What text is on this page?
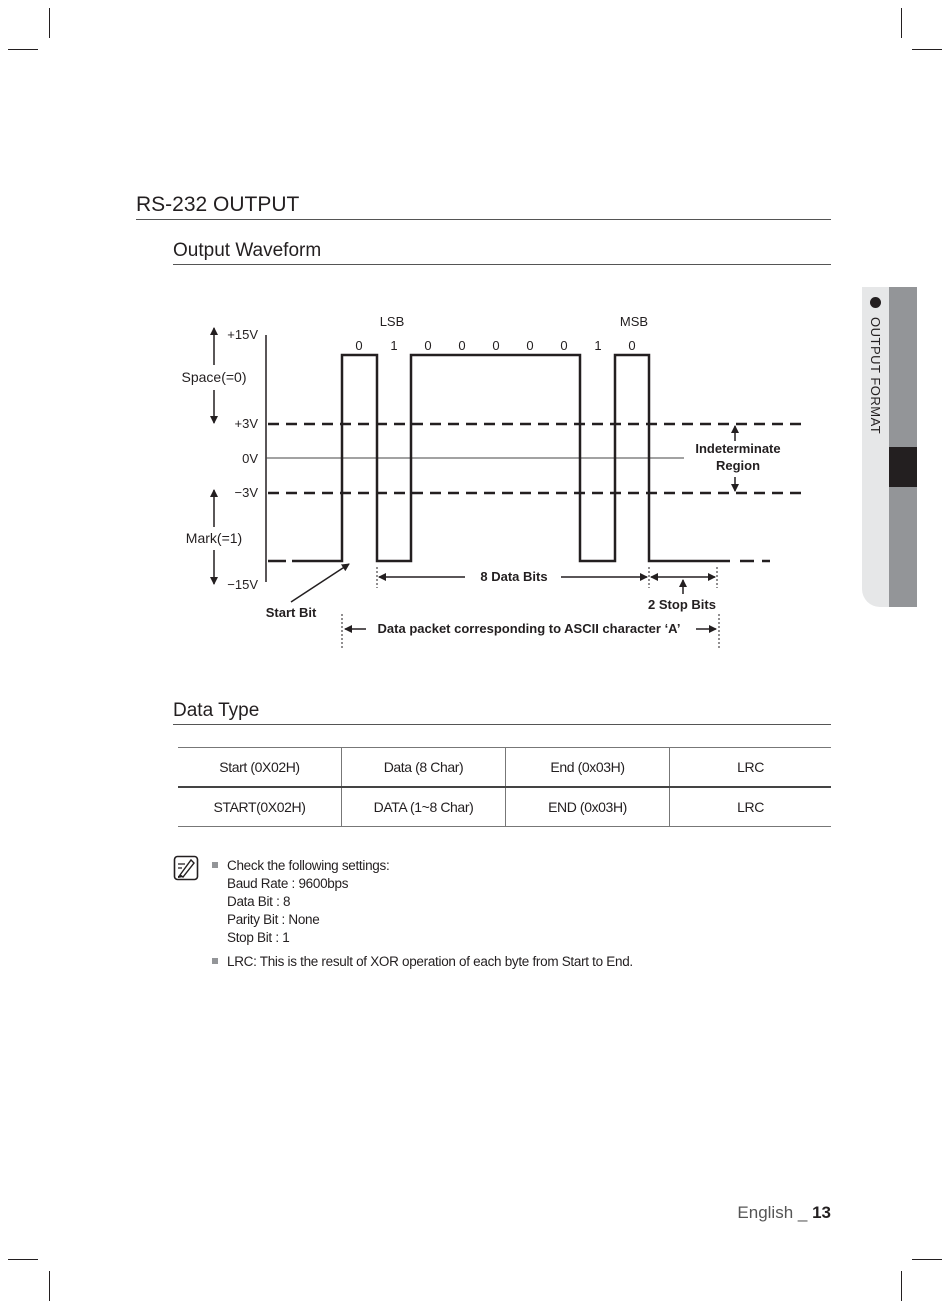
RS-232 OUTPUT
Output Waveform
OUTPUT FORMAT
+15V
+3V
0V
−3V
−15V
Space(=0)
Mark(=1)
LSB	MSB
0 1 0 0 0 0 0 1 0
Indeterminate
Region
8 Data Bits
2 Stop Bits
Start Bit
Data packet corresponding to ASCII character ‘A’
Data Type
Start (0X02H)	Data (8 Char)	End (0x03H)	LRC
START(0X02H)	DATA (1~8 Char)	END (0x03H)	LRC
Check the following settings:
Baud Rate : 9600bps
Data Bit : 8
Parity Bit : None
Stop Bit : 1
LRC: This is the result of XOR operation of each byte from Start to End.
English _ 13
